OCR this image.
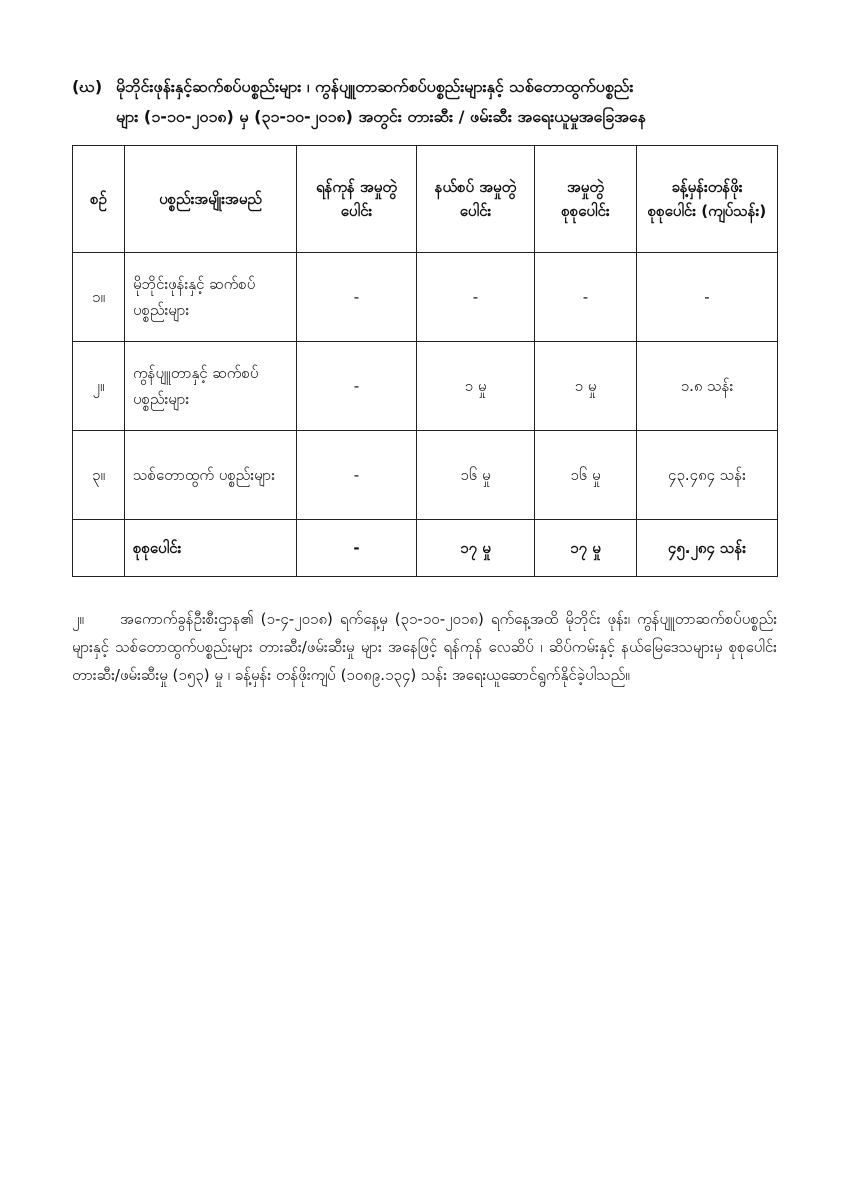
(ဃ) မိုဘိုင်းဖုန်းနှင့်ဆက်စပ်ပစ္စည်းများ ၊ ကွန်ပျူတာဆက်စပ်ပစ္စည်းများနှင့် သစ်တောထွက်ပစ္စည်း
များ (၁-၁၀-၂၀၁၈) မှ (၃၁-၁၀-၂၀၁၈) အတွင်း တားဆီး / ဖမ်းဆီး အရေးယူမှုအခြေအနေ
စဉ်	ပစ္စည်းအမျိုးအမည်	ရန်ကုန် အမှုတွဲပေါင်း	နယ်စပ် အမှုတွဲပေါင်း	အမှုတွဲ စုစုပေါင်း	ခန့်မှန်းတန်ဖိုး စုစုပေါင်း (ကျပ်သန်း)
၁။	မိုဘိုင်းဖုန်းနှင့် ဆက်စပ်ပစ္စည်းများ	-	-	-	-
၂။	ကွန်ပျူတာနှင့် ဆက်စပ်ပစ္စည်းများ	-	၁ မှု	၁ မှု	၁.၈ သန်း
၃။	သစ်တောထွက် ပစ္စည်းများ	-	၁၆ မှု	၁၆ မှု	၄၃.၄၈၄ သန်း
	စုစုပေါင်း	-	၁၇ မှု	၁၇ မှု	၄၅.၂၈၄ သန်း
၂။ အကောက်ခွန်ဦးစီးဌာန၏ (၁-၄-၂၀၁၈) ရက်နေ့မှ (၃၁-၁၀-၂၀၁၈) ရက်နေ့အထိ မိုဘိုင်း ဖုန်း၊ ကွန်ပျူတာဆက်စပ်ပစ္စည်းများနှင့် သစ်တောထွက်ပစ္စည်းများ တားဆီး/ဖမ်းဆီးမှု များ အနေဖြင့် ရန်ကုန် လေဆိပ် ၊ ဆိပ်ကမ်းနှင့် နယ်မြေဒေသများမှ စုစုပေါင်း တားဆီး/ဖမ်းဆီးမှု (၁၅၃) မှု ၊ ခန့်မှန်း တန်ဖိုးကျပ် (၁၀၈၉.၁၃၄) သန်း အရေးယူဆောင်ရွက်နိုင်ခဲ့ပါသည်။
